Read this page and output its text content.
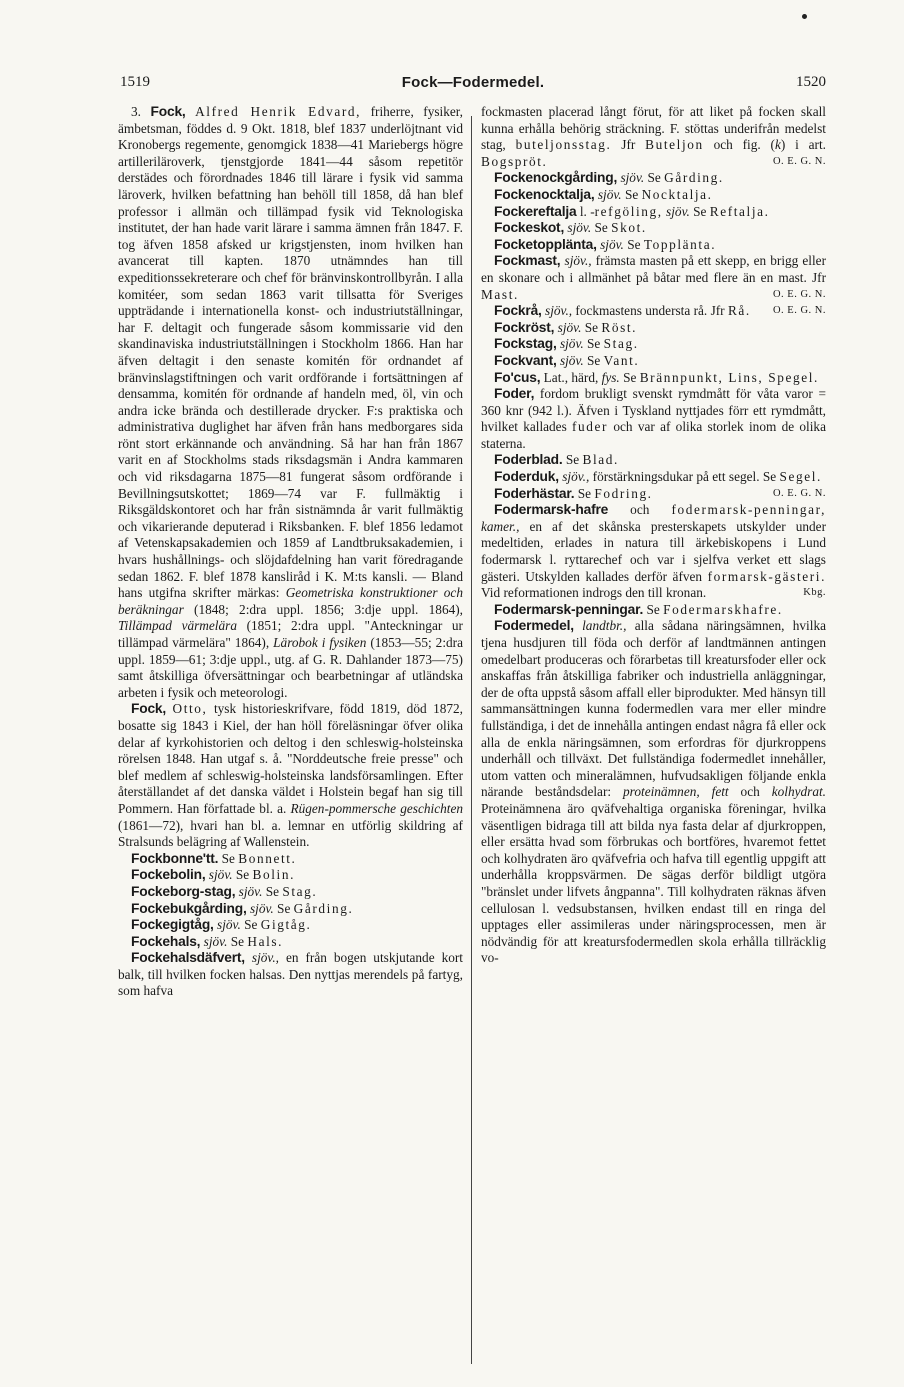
1519	Fock—Fodermedel.	1520

3. Fock, Alfred Henrik Edvard, friherre, fysiker, ämbetsman, föddes d. 9 Okt. 1818, blef 1837 underlöjtnant vid Kronobergs regemente, genomgick 1838—41 Mariebergs högre artilleriläroverk, tjenstgjorde 1841—44 såsom repetitör derstädes och förordnades 1846 till lärare i fysik vid samma läroverk, hvilken befattning han behöll till 1858, då han blef professor i allmän och tillämpad fysik vid Teknologiska institutet, der han hade varit lärare i samma ämnen från 1847. F. tog äfven 1858 afsked ur krigstjensten, inom hvilken han avancerat till kapten. 1870 utnämndes han till expeditionssekreterare och chef för bränvinskontrollbyrån. I alla komitéer, som sedan 1863 varit tillsatta för Sveriges uppträdande i internationella konst- och industriutställningar, har F. deltagit och fungerade såsom kommissarie vid den skandinaviska industriutställningen i Stockholm 1866. Han har äfven deltagit i den senaste komitén för ordnandet af bränvinslagstiftningen och varit ordförande i fortsättningen af densamma, komitén för ordnande af handeln med, öl, vin och andra icke brända och destillerade drycker. F:s praktiska och administrativa duglighet har äfven från hans medborgares sida rönt stort erkännande och användning. Så har han från 1867 varit en af Stockholms stads riksdagsmän i Andra kammaren och vid riksdagarna 1875—81 fungerat såsom ordförande i Bevillningsutskottet; 1869—74 var F. fullmäktig i Riksgäldskontoret och har från sistnämnda år varit fullmäktig och vikarierande deputerad i Riksbanken. F. blef 1856 ledamot af Vetenskapsakademien och 1859 af Landtbruksakademien, i hvars hushållnings- och slöjdafdelning han varit föredragande sedan 1862. F. blef 1878 kansliråd i K. M:ts kansli. — Bland hans utgifna skrifter märkas: Geometriska konstruktioner och beräkningar (1848; 2:dra uppl. 1856; 3:dje uppl. 1864), Tillämpad värmelära (1851; 2:dra uppl. "Anteckningar ur tillämpad värmelära" 1864), Lärobok i fysiken (1853—55; 2:dra uppl. 1859—61; 3:dje uppl., utg. af G. R. Dahlander 1873—75) samt åtskilliga öfversättningar och bearbetningar af utländska arbeten i fysik och meteorologi.

Fock, Otto, tysk historieskrifvare, född 1819, död 1872, bosatte sig 1843 i Kiel, der han höll föreläsningar öfver olika delar af kyrkohistorien och deltog i den schleswig-holsteinska rörelsen 1848. Han utgaf s. å. "Norddeutsche freie presse" och blef medlem af schleswig-holsteinska landsförsamlingen. Efter återställandet af det danska väldet i Holstein begaf han sig till Pommern. Han författade bl. a. Rügen-pommersche geschichten (1861—72), hvari han bl. a. lemnar en utförlig skildring af Stralsunds belägring af Wallenstein.

Fockbonne'tt. Se Bonnett.

Fockebolin, sjöv. Se Bolin.

Fockeborg-stag, sjöv. Se Stag.

Fockebukgårding, sjöv. Se Gårding.

Fockegigtåg, sjöv. Se Gigtåg.

Fockehals, sjöv. Se Hals.

Fockehalsdäfvert, sjöv., en från bogen utskjutande kort balk, till hvilken focken halsas. Den nyttjas merendels på fartyg, som hafva

fockmasten placerad långt förut, för att liket på focken skall kunna erhålla behörig sträckning. F. stöttas underifrån medelst stag, buteljonsstag. Jfr Buteljon och fig. (k) i art. Bogspröt.	O. E. G. N.

Fockenockgårding, sjöv. Se Gårding.

Fockenocktalja, sjöv. Se Nocktalja.

Fockereftalja l. -refgöling, sjöv. Se Reftalja.

Fockeskot, sjöv. Se Skot.

Focketopplänta, sjöv. Se Topplänta.

Fockmast, sjöv., främsta masten på ett skepp, en brigg eller en skonare och i allmänhet på båtar med flere än en mast. Jfr Mast.	O. E. G. N.

Fockrå, sjöv., fockmastens understa rå. Jfr Rå.	O. E. G. N.

Fockröst, sjöv. Se Röst.

Fockstag, sjöv. Se Stag.

Fockvant, sjöv. Se Vant.

Fo'cus, Lat., härd, fys. Se Brännpunkt, Lins, Spegel.

Foder, fordom brukligt svenskt rymdmått för våta varor = 360 knr (942 l.). Äfven i Tyskland nyttjades förr ett rymdmått, hvilket kallades fuder och var af olika storlek inom de olika staterna.

Foderblad. Se Blad.

Foderduk, sjöv., förstärkningsdukar på ett segel. Se Segel.
O. E. G. N.

Foderhästar. Se Fodring.

Fodermarsk-hafre och fodermarsk-penningar, kamer., en af det skånska presterskapets utskylder under medeltiden, erlades in natura till ärkebiskopens i Lund fodermarsk l. ryttarechef och var i sjelfva verket ett slags gästeri. Utskylden kallades derför äfven formarsk-gästeri. Vid reformationen indrogs den till kronan.	Kbg.

Fodermarsk-penningar. Se Fodermarskhafre.

Fodermedel, landtbr., alla sådana näringsämnen, hvilka tjena husdjuren till föda och derför af landtmännen antingen omedelbart produceras och förarbetas till kreatursfoder eller ock anskaffas från åtskilliga fabriker och industriella anläggningar, der de ofta uppstå såsom affall eller biprodukter. Med hänsyn till sammansättningen kunna fodermedlen vara mer eller mindre fullständiga, i det de innehålla antingen endast några få eller ock alla de enkla näringsämnen, som erfordras för djurkroppens underhåll och tillväxt. Det fullständiga fodermedlet innehåller, utom vatten och mineralämnen, hufvudsakligen följande enkla närande beståndsdelar: proteinämnen, fett och kolhydrat. Proteinämnena äro qväfvehaltiga organiska föreningar, hvilka väsentligen bidraga till att bilda nya fasta delar af djurkroppen, eller ersätta hvad som förbrukas och bortföres, hvaremot fettet och kolhydraten äro qväfvefria och hafva till egentlig uppgift att underhålla kroppsvärmen. De sägas derför bildligt utgöra "bränslet under lifvets ångpanna". Till kolhydraten räknas äfven cellulosan l. vedsubstansen, hvilken endast till en ringa del upptages eller assimileras under näringsprocessen, men är nödvändig för att kreatursfodermedlen skola erhålla tillräcklig vo-
